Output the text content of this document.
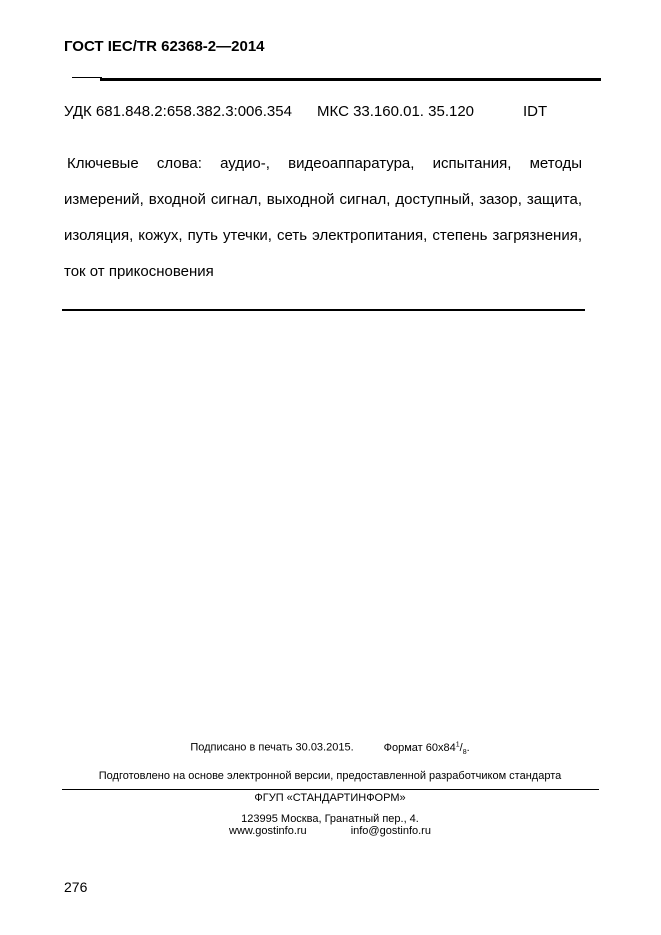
ГОСТ IEC/TR 62368-2—2014
УДК 681.848.2:658.382.3:006.354 МКС 33.160.01. 35.120	IDT
Ключевые слова: аудио-, видеоаппаратура, испытания, методы измерений, входной сигнал, выходной сигнал, доступный, зазор, защита, изоляция, кожух, путь утечки, сеть электропитания, степень загрязнения, ток от прикосновения
Подписано в печать 30.03.2015.	Формат $60x84^1/_8$.
Подготовлено на основе электронной версии, предоставленной разработчиком стандарта
ФГУП «СТАНДАРТИНФОРМ»
123995 Москва, Гранатный пер., 4.
www.gostinfo.ru	info@gostinfo.ru
276
